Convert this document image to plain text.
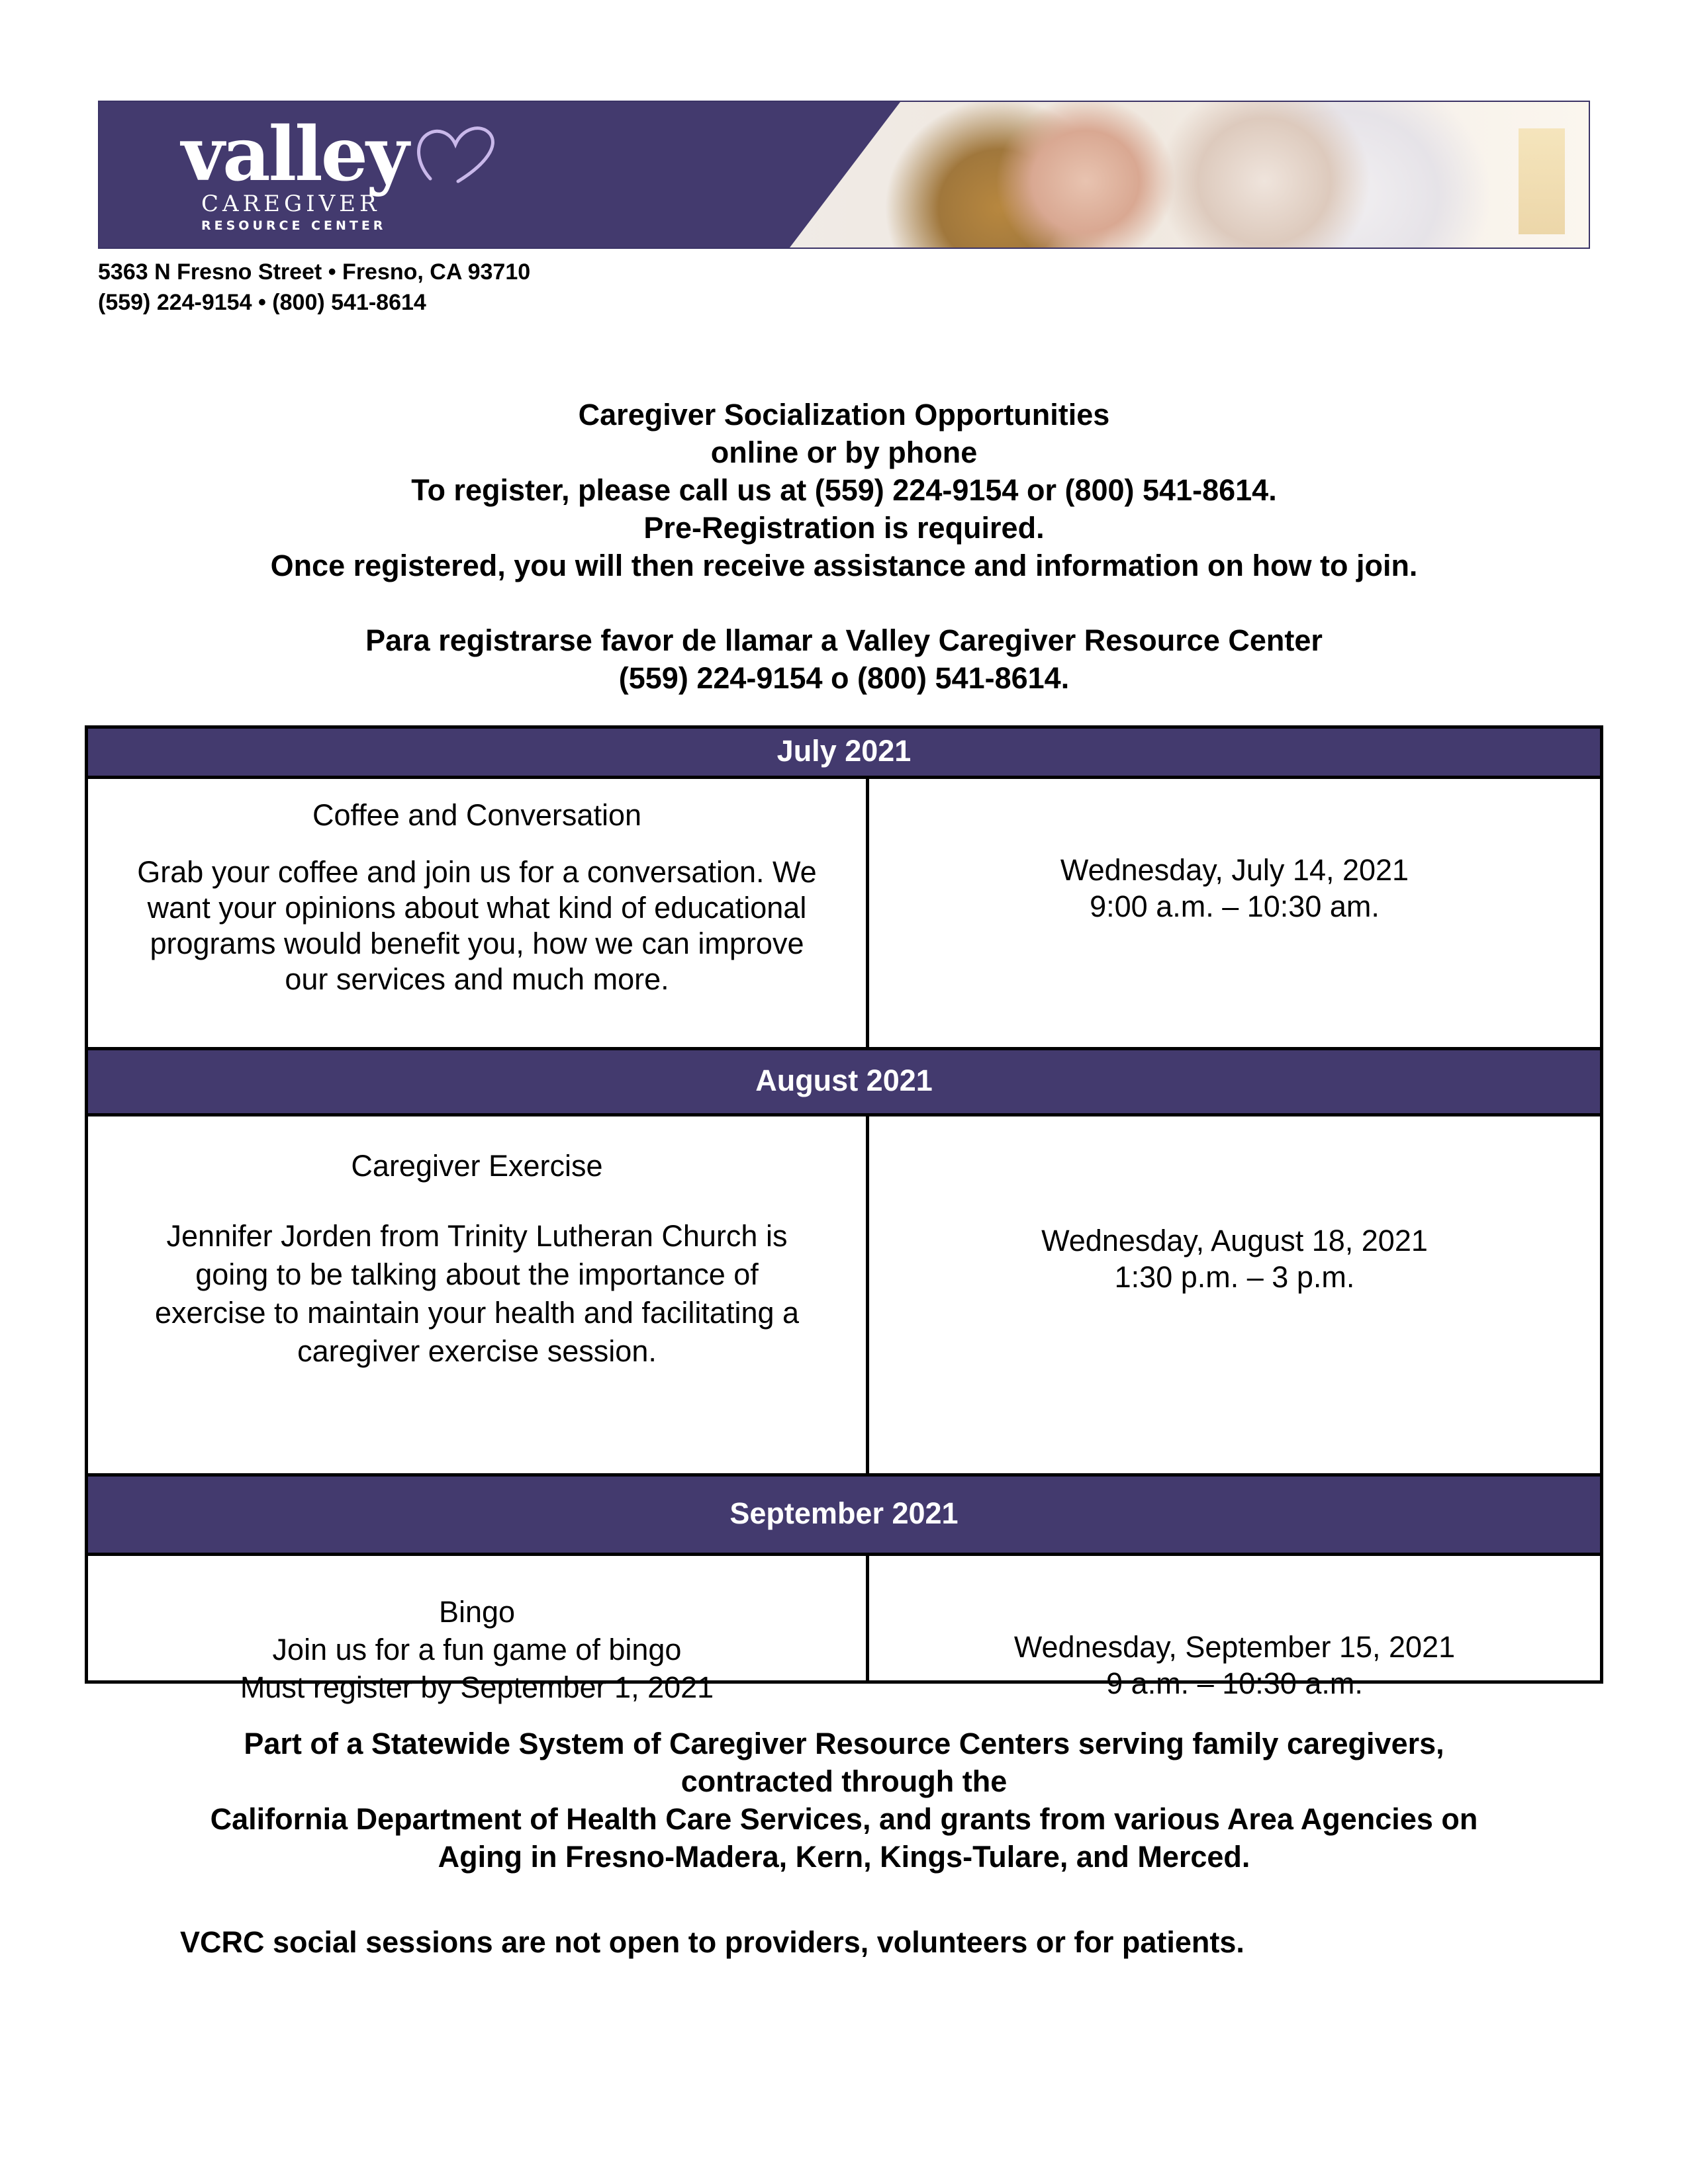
valley
CAREGIVER
RESOURCE CENTER
5363 N Fresno Street • Fresno, CA 93710
(559) 224-9154 • (800) 541-8614
Caregiver Socialization Opportunities
online or by phone
To register, please call us at (559) 224-9154 or (800) 541-8614.
Pre-Registration is required.
Once registered, you will then receive assistance and information on how to join.
Para registrarse favor de llamar a Valley Caregiver Resource Center
(559) 224-9154 o (800) 541-8614.
July 2021
Coffee and Conversation
Grab your coffee and join us for a conversation. We
want your opinions about what kind of educational
programs would benefit you, how we can improve
our services and much more.
Wednesday, July 14, 2021
9:00 a.m. – 10:30 am.
August 2021
Caregiver Exercise
Jennifer Jorden from Trinity Lutheran Church is
going to be talking about the importance of
exercise to maintain your health and facilitating a
caregiver exercise session.
Wednesday, August 18, 2021
1:30 p.m. – 3 p.m.
September 2021
Bingo
Join us for a fun game of bingo
Must register by September 1, 2021
Wednesday, September 15, 2021
9 a.m. – 10:30 a.m.
Part of a Statewide System of Caregiver Resource Centers serving family caregivers,
contracted through the
California Department of Health Care Services, and grants from various Area Agencies on
Aging in Fresno-Madera, Kern, Kings-Tulare, and Merced.
VCRC social sessions are not open to providers, volunteers or for patients.
